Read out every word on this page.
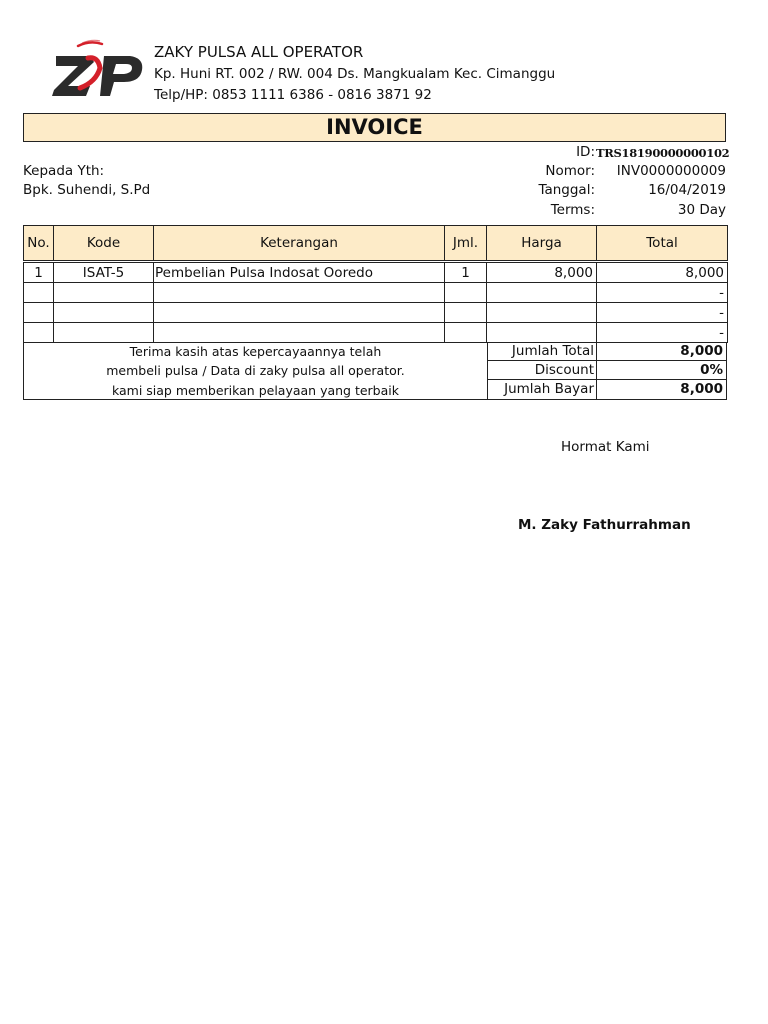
ZAKY PULSA ALL OPERATOR
Kp. Huni RT. 002 / RW. 004 Ds. Mangkualam Kec. Cimanggu
Telp/HP: 0853 1111 6386 - 0816 3871 92
INVOICE
ID: TRS18190000000102
Nomor:	INV0000000009
Tanggal:	16/04/2019
Terms:	30 Day
Kepada Yth:
Bpk. Suhendi, S.Pd
No.	Kode	Keterangan	Jml.	Harga	Total
1	ISAT-5	Pembelian Pulsa Indosat Ooredo	1	8,000	8,000
					-
					-
					-
Terima kasih atas kepercayaannya telah
membeli pulsa / Data di zaky pulsa all operator.
kami siap memberikan pelayaan yang terbaik
Jumlah Total	8,000
Discount	0%
Jumlah Bayar	8,000
Hormat Kami
M. Zaky Fathurrahman
